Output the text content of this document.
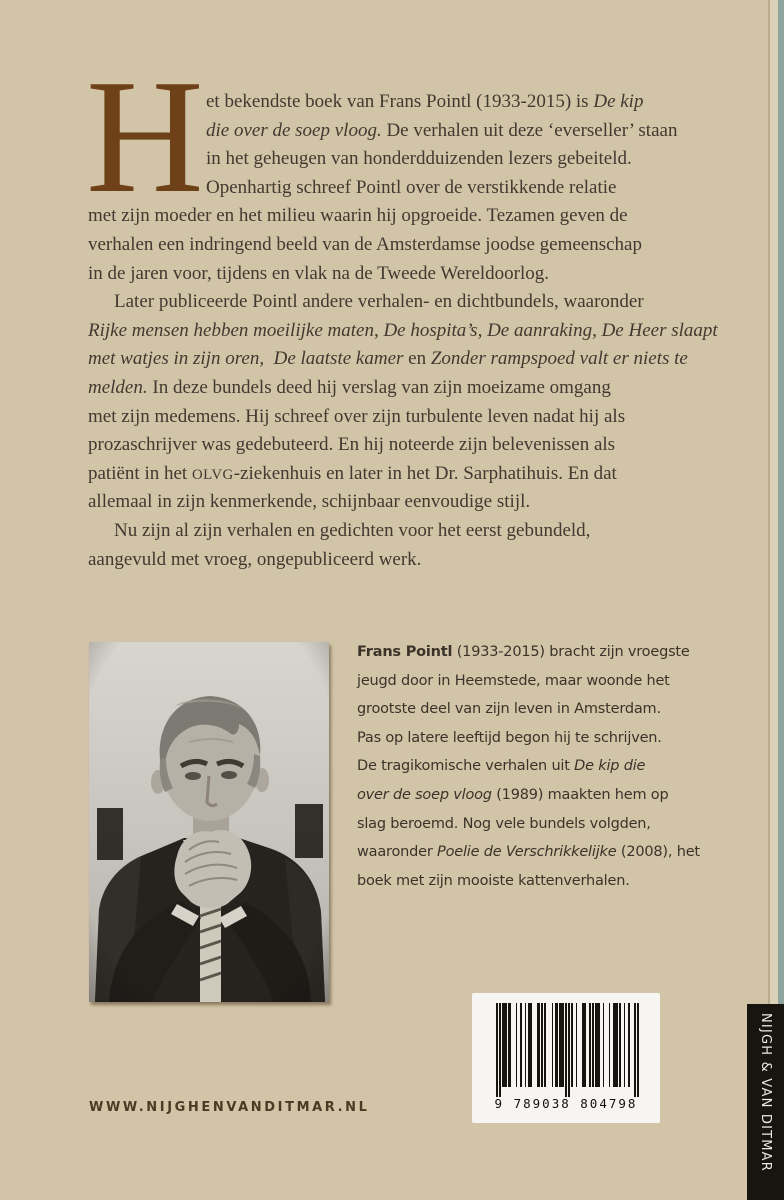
H et bekendste boek van Frans Pointl (1933-2015) is De kip
die over de soep vloog. De verhalen uit deze ‘everseller’ staan
in het geheugen van honderdduizenden lezers gebeiteld.
Openhartig schreef Pointl over de verstikkende relatie
met zijn moeder en het milieu waarin hij opgroeide. Tezamen geven de
verhalen een indringend beeld van de Amsterdamse joodse gemeenschap
in de jaren voor, tijdens en vlak na de Tweede Wereldoorlog.
Later publiceerde Pointl andere verhalen- en dichtbundels, waaronder
Rijke mensen hebben moeilijke maten, De hospita’s, De aanraking, De Heer slaapt
met watjes in zijn oren,  De laatste kamer en Zonder rampspoed valt er niets te
melden. In deze bundels deed hij verslag van zijn moeizame omgang
met zijn medemens. Hij schreef over zijn turbulente leven nadat hij als
prozaschrijver was gedebuteerd. En hij noteerde zijn belevenissen als
patiënt in het OLVG-ziekenhuis en later in het Dr. Sarphatihuis. En dat
allemaal in zijn kenmerkende, schijnbaar eenvoudige stijl.
Nu zijn al zijn verhalen en gedichten voor het eerst gebundeld,
aangevuld met vroeg, ongepubliceerd werk.
Frans Pointl (1933-2015) bracht zijn vroegste
jeugd door in Heemstede, maar woonde het
grootste deel van zijn leven in Amsterdam.
Pas op latere leeftijd begon hij te schrijven.
De tragikomische verhalen uit De kip die
over de soep vloog (1989) maakten hem op
slag beroemd. Nog vele bundels volgden,
waaronder Poelie de Verschrikkelijke (2008), het
boek met zijn mooiste kattenverhalen.
WWW.NIJGHENVANDITMAR.NL	9 789038 804798	NIJGH & VAN DITMAR
